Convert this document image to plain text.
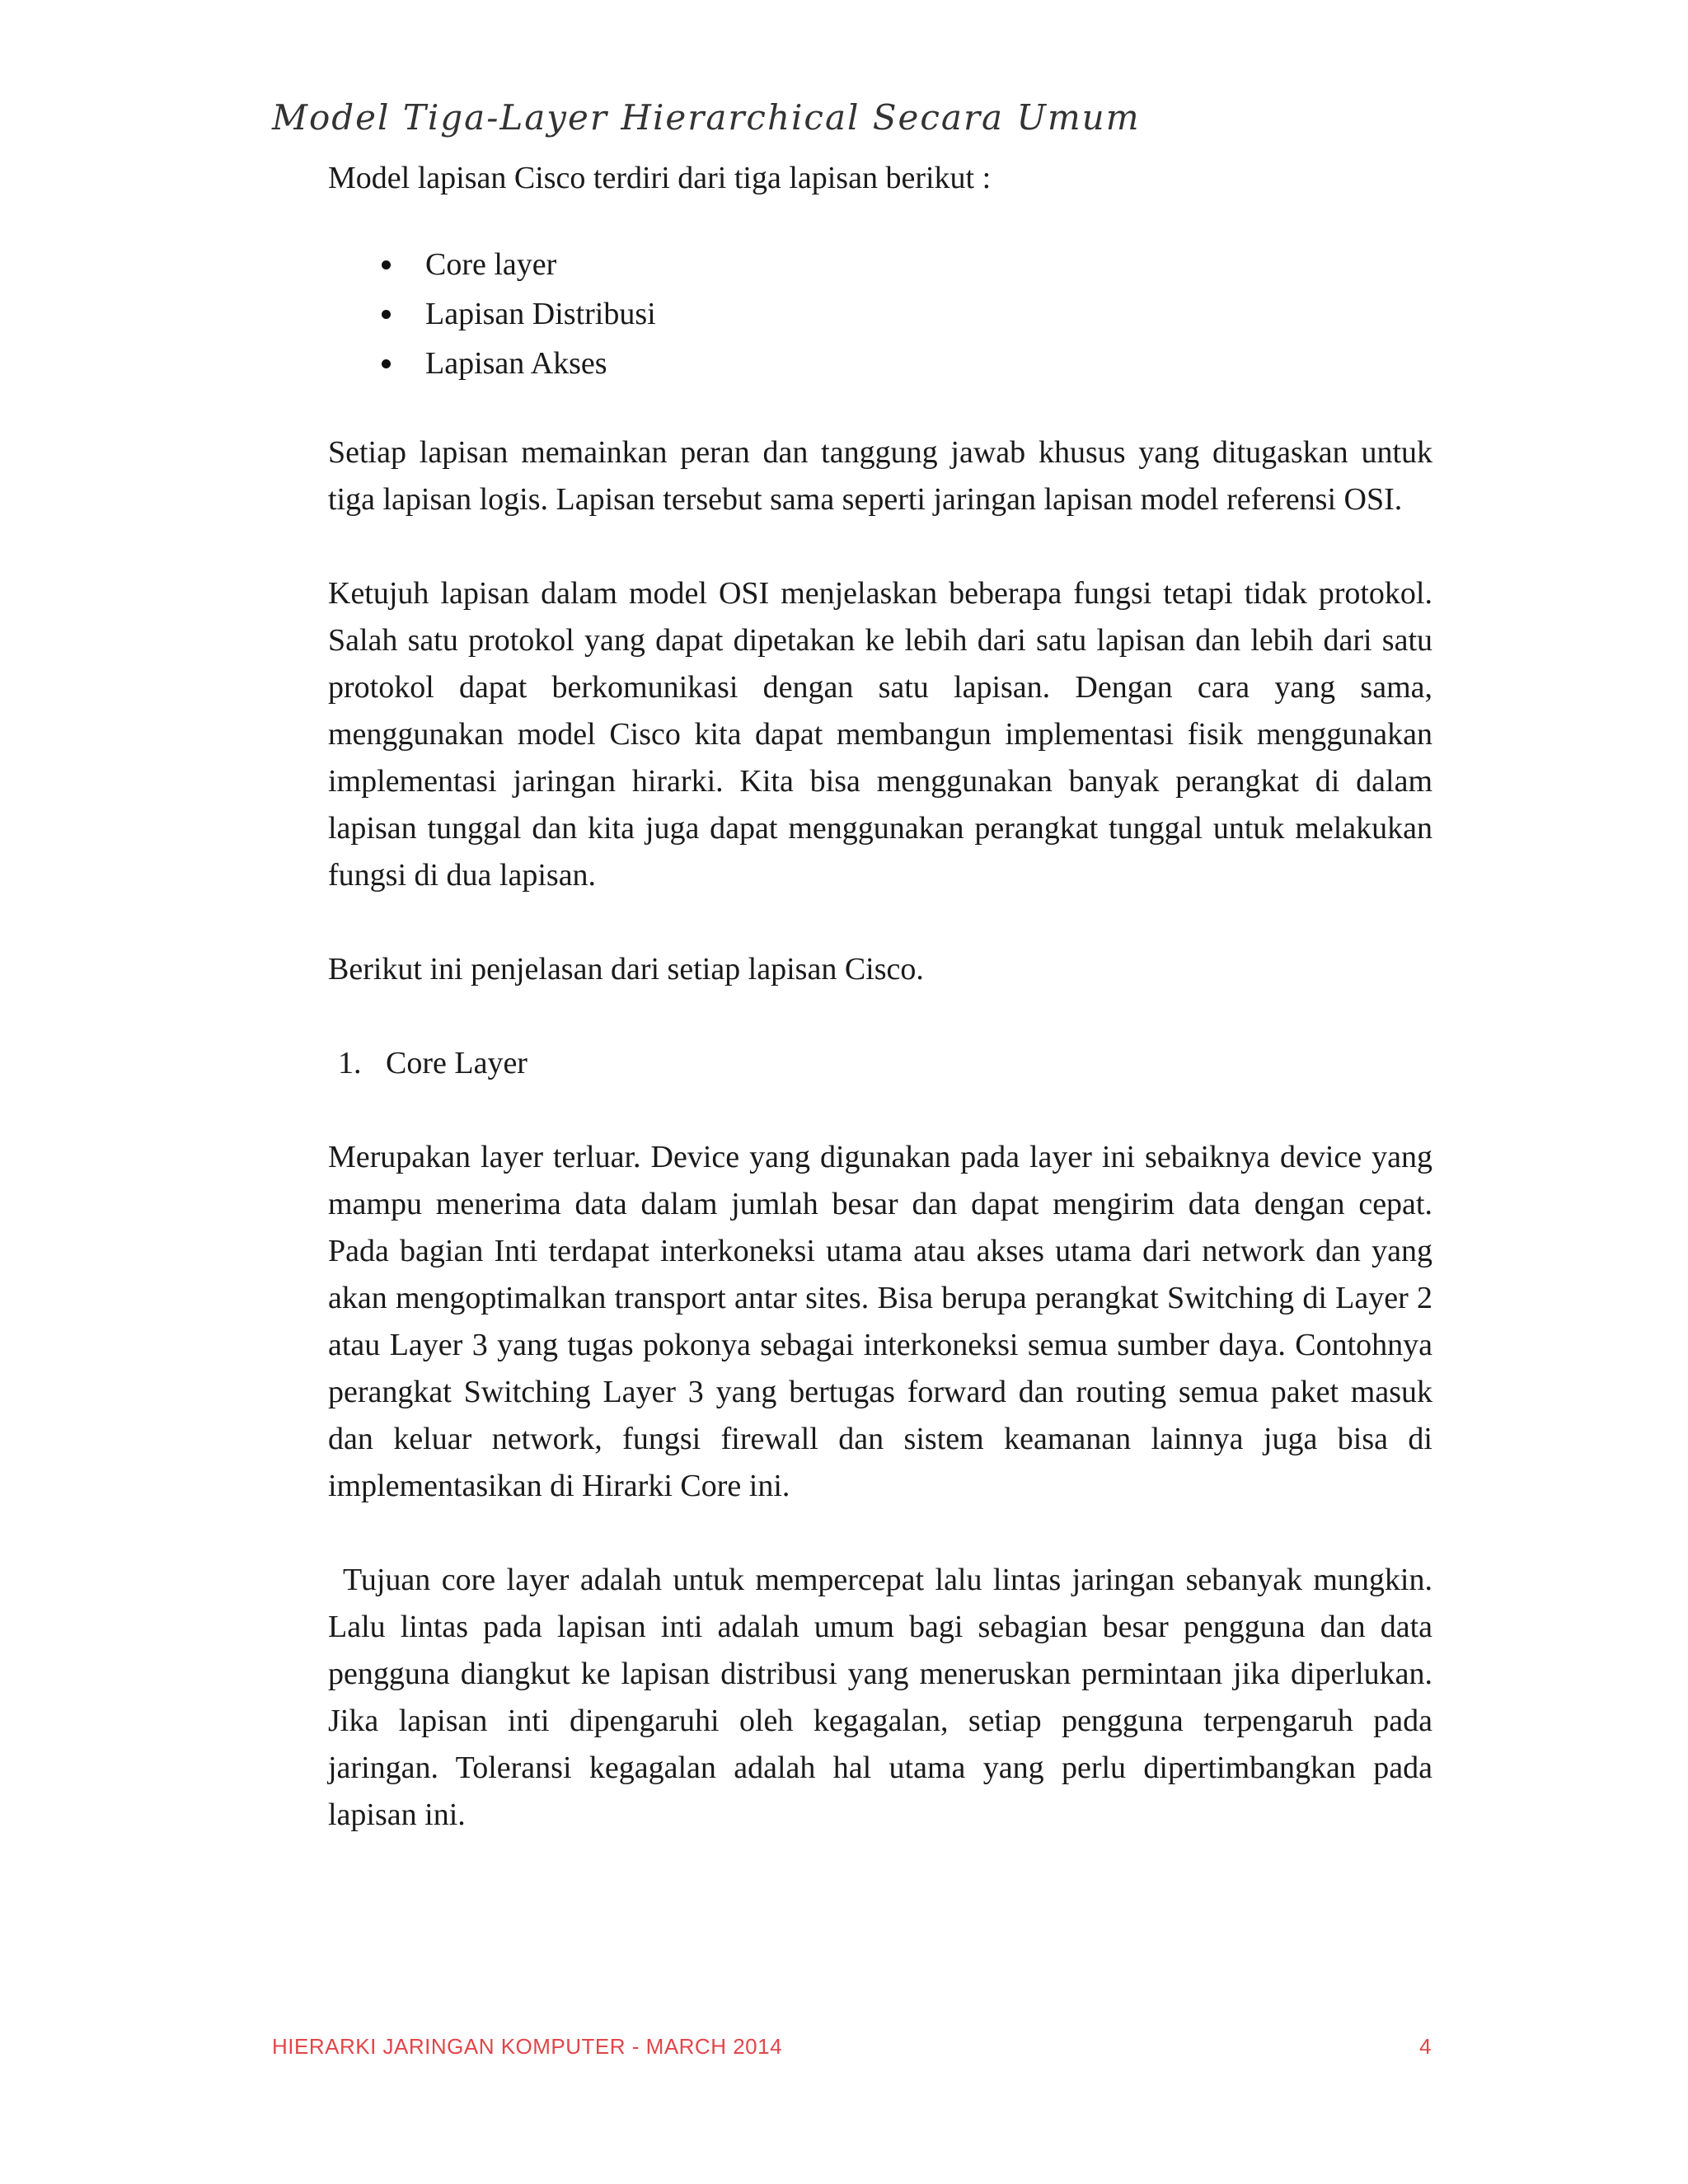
Model Tiga-Layer Hierarchical Secara Umum

Model lapisan Cisco terdiri dari tiga lapisan berikut :

Core layer
Lapisan Distribusi
Lapisan Akses

Setiap lapisan memainkan peran dan tanggung jawab khusus yang ditugaskan untuk tiga lapisan logis. Lapisan tersebut sama seperti jaringan lapisan model referensi OSI.

Ketujuh lapisan dalam model OSI menjelaskan beberapa fungsi tetapi tidak protokol. Salah satu protokol yang dapat dipetakan ke lebih dari satu lapisan dan lebih dari satu protokol dapat berkomunikasi dengan satu lapisan. Dengan cara yang sama, menggunakan model Cisco kita dapat membangun implementasi fisik menggunakan implementasi jaringan hirarki. Kita bisa menggunakan banyak perangkat di dalam lapisan tunggal dan kita juga dapat menggunakan perangkat tunggal untuk melakukan fungsi di dua lapisan.

Berikut ini penjelasan dari setiap lapisan Cisco.

1. Core Layer

Merupakan layer terluar. Device yang digunakan pada layer ini sebaiknya device yang mampu menerima data dalam jumlah besar dan dapat mengirim data dengan cepat. Pada bagian Inti terdapat interkoneksi utama atau akses utama dari network dan yang akan mengoptimalkan transport antar sites. Bisa berupa perangkat Switching di Layer 2 atau Layer 3 yang tugas pokonya sebagai interkoneksi semua sumber daya. Contohnya perangkat Switching Layer 3 yang bertugas forward dan routing semua paket masuk dan keluar network, fungsi firewall dan sistem keamanan lainnya juga bisa di implementasikan di Hirarki Core ini.

Tujuan core layer adalah untuk mempercepat lalu lintas jaringan sebanyak mungkin. Lalu lintas pada lapisan inti adalah umum bagi sebagian besar pengguna dan data pengguna diangkut ke lapisan distribusi yang meneruskan permintaan jika diperlukan. Jika lapisan inti dipengaruhi oleh kegagalan, setiap pengguna terpengaruh pada jaringan. Toleransi kegagalan adalah hal utama yang perlu dipertimbangkan pada lapisan ini.

HIERARKI JARINGAN KOMPUTER - MARCH 2014	4
